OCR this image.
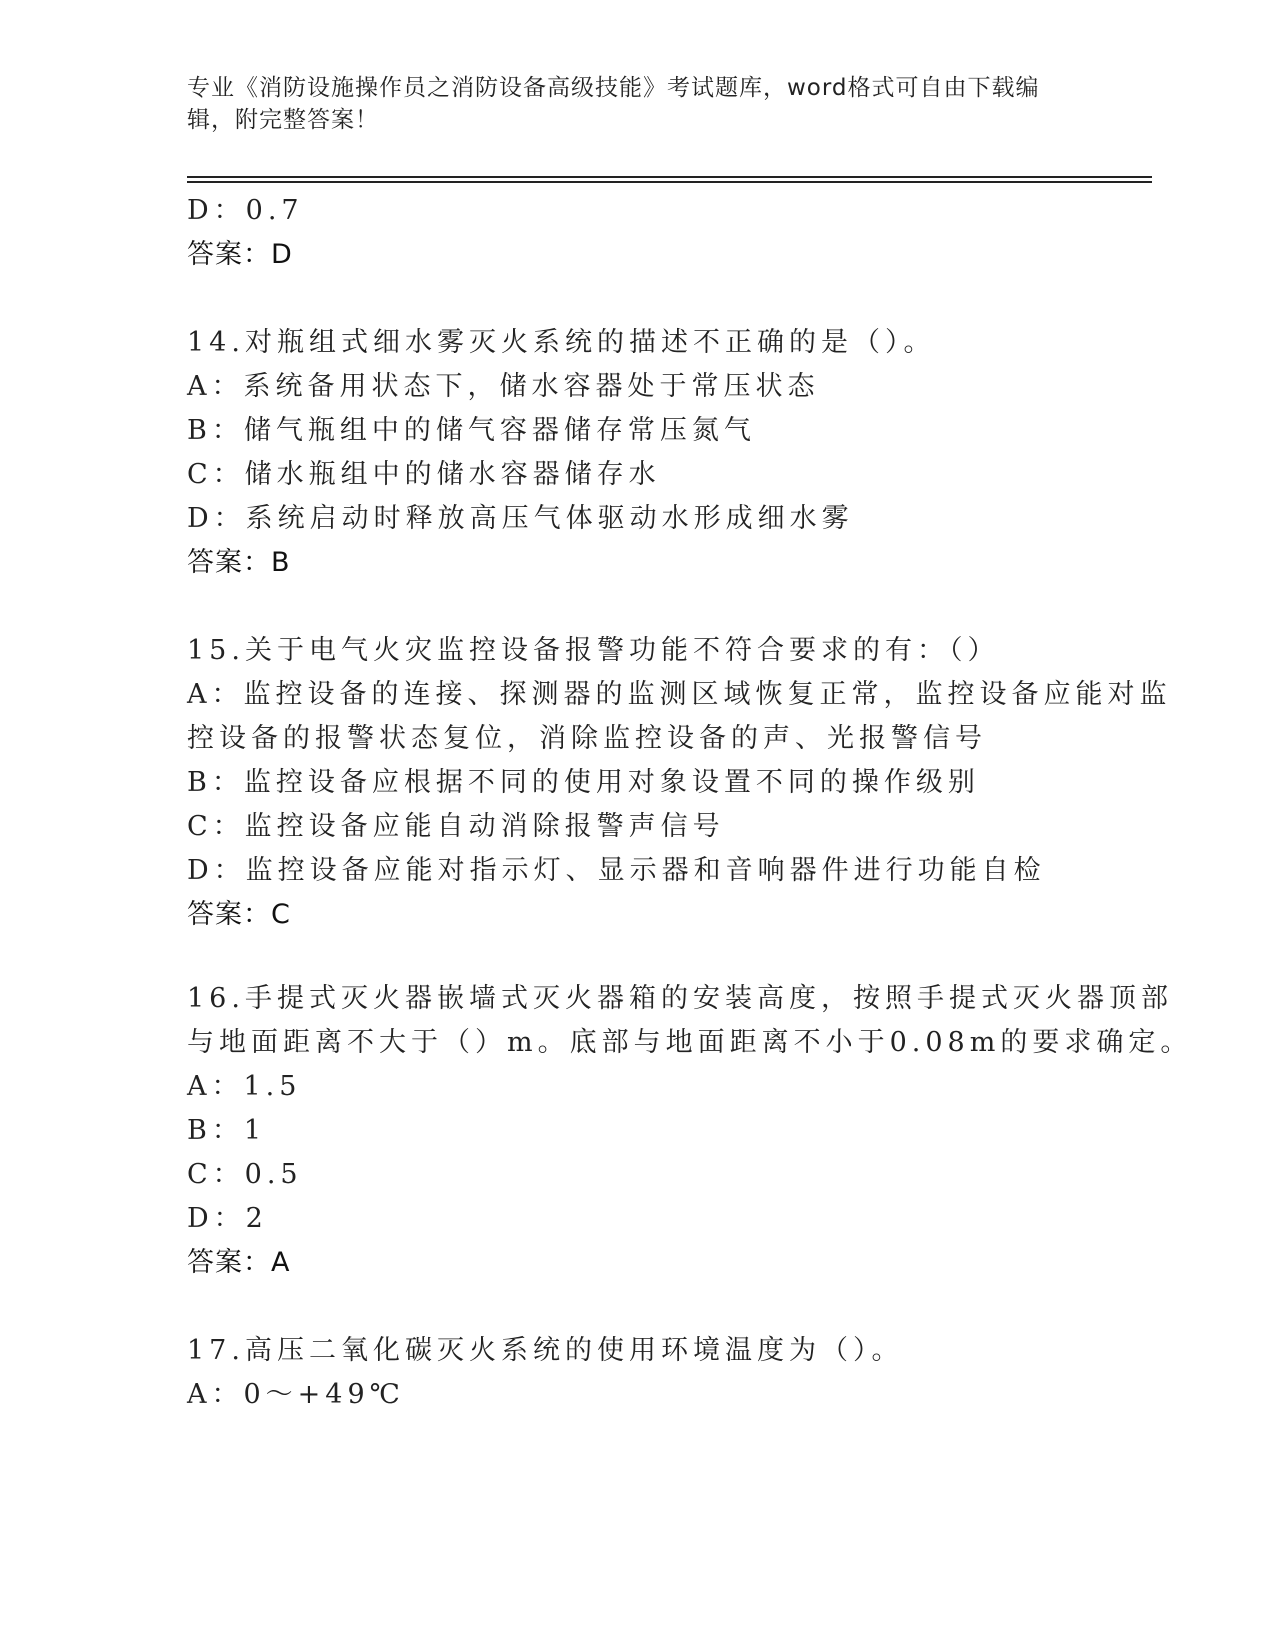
专业《消防设施操作员之消防设备高级技能》考试题库，word格式可自由下载编辑，附完整答案！
D：0.7
答案：D
14.对瓶组式细水雾灭火系统的描述不正确的是（）。
A：系统备用状态下，储水容器处于常压状态
B：储气瓶组中的储气容器储存常压氮气
C：储水瓶组中的储水容器储存水
D：系统启动时释放高压气体驱动水形成细水雾
答案：B
15.关于电气火灾监控设备报警功能不符合要求的有：（）
A：监控设备的连接、探测器的监测区域恢复正常，监控设备应能对监
控设备的报警状态复位，消除监控设备的声、光报警信号
B：监控设备应根据不同的使用对象设置不同的操作级别
C：监控设备应能自动消除报警声信号
D：监控设备应能对指示灯、显示器和音响器件进行功能自检
答案：C
16.手提式灭火器嵌墙式灭火器箱的安装高度，按照手提式灭火器顶部
与地面距离不大于（）m。底部与地面距离不小于0.08m的要求确定。
A：1.5
B：1
C：0.5
D：2
答案：A
17.高压二氧化碳灭火系统的使用环境温度为（）。
A：0～+49℃
